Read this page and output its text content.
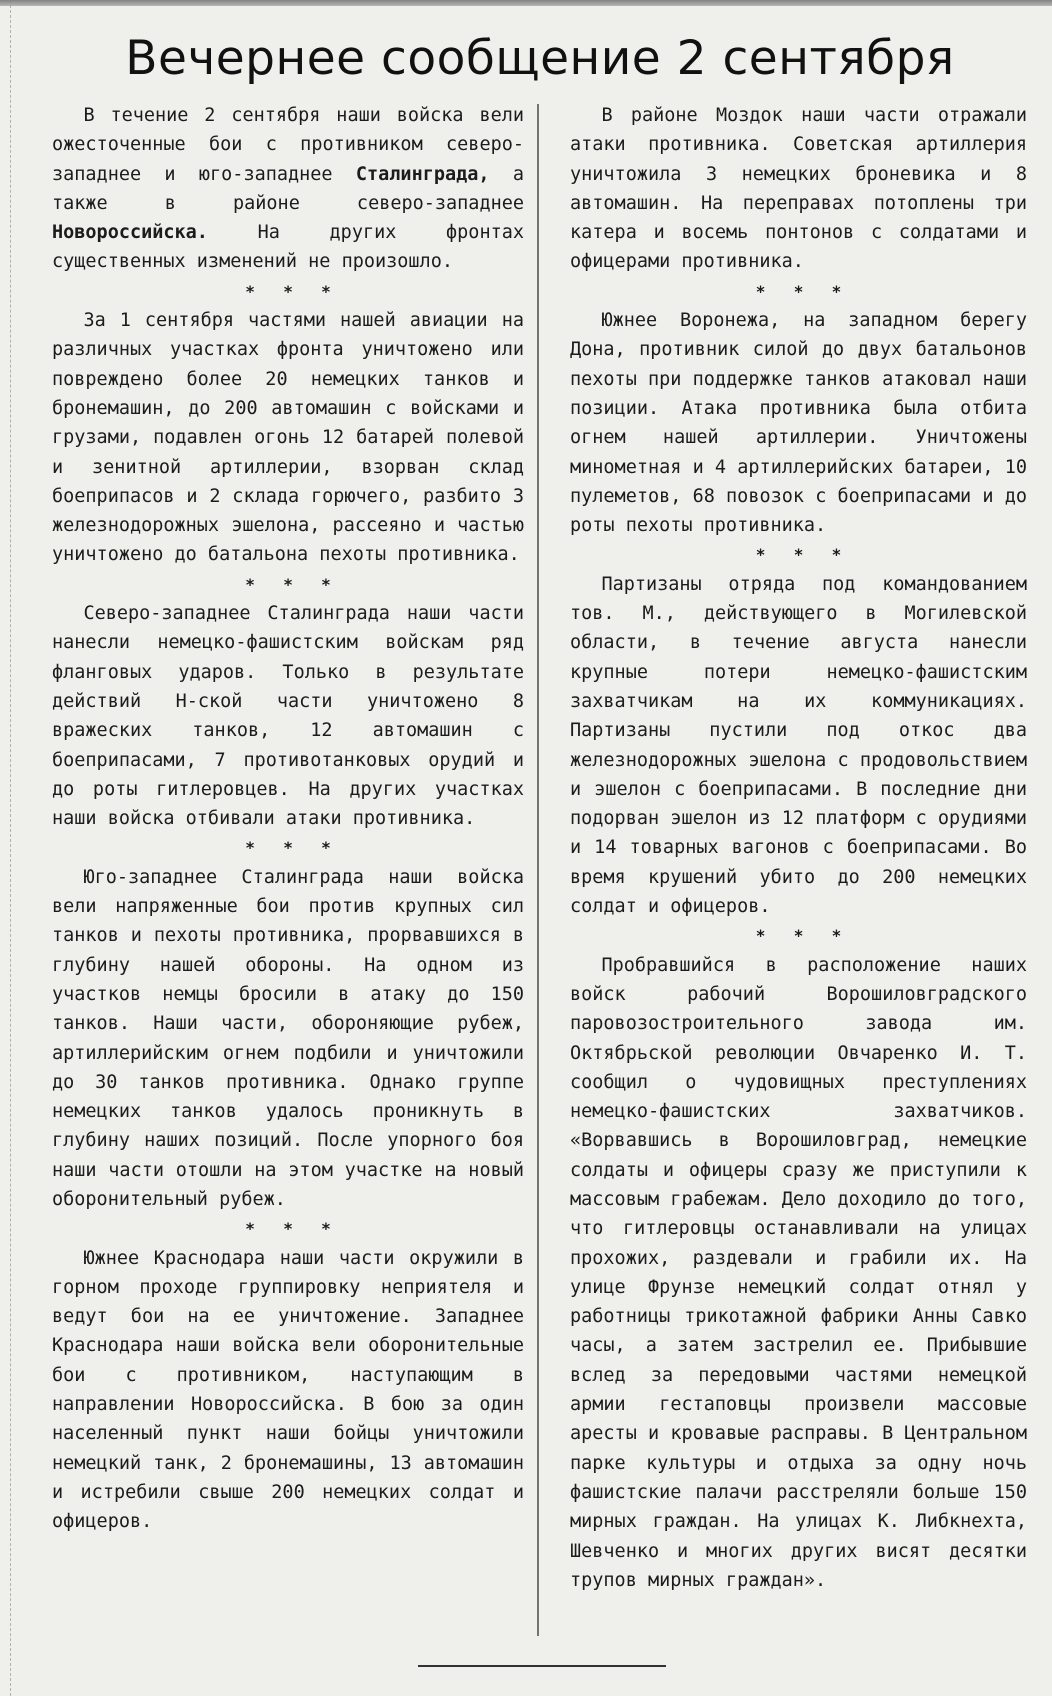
Вечернее сообщение 2 сентября

В течение 2 сентября наши войска вели ожесточенные бои с противником северо-западнее и юго-западнее Сталинграда, а также в районе северо-западнее Новороссийска. На других фронтах существенных изменений не произошло.

* * *

За 1 сентября частями нашей авиации на различных участках фронта уничтожено или повреждено более 20 немецких танков и бронемашин, до 200 автомашин с войсками и грузами, подавлен огонь 12 батарей полевой и зенитной артиллерии, взорван склад боеприпасов и 2 склада горючего, разбито 3 железнодорожных эшелона, рассеяно и частью уничтожено до батальона пехоты противника.

* * *

Северо-западнее Сталинграда наши части нанесли немецко-фашистским войскам ряд фланговых ударов. Только в результате действий Н-ской части уничтожено 8 вражеских танков, 12 автомашин с боеприпасами, 7 противотанковых орудий и до роты гитлеровцев. На других участках наши войска отбивали атаки противника.

* * *

Юго-западнее Сталинграда наши войска вели напряженные бои против крупных сил танков и пехоты противника, прорвавшихся в глубину нашей обороны. На одном из участков немцы бросили в атаку до 150 танков. Наши части, обороняющие рубеж, артиллерийским огнем подбили и уничтожили до 30 танков противника. Однако группе немецких танков удалось проникнуть в глубину наших позиций. После упорного боя наши части отошли на этом участке на новый оборонительный рубеж.

* * *

Южнее Краснодара наши части окружили в горном проходе группировку неприятеля и ведут бои на ее уничтожение. Западнее Краснодара наши войска вели оборонительные бои с противником, наступающим в направлении Новороссийска. В бою за один населенный пункт наши бойцы уничтожили немецкий танк, 2 бронемашины, 13 автомашин и истребили свыше 200 немецких солдат и офицеров.

В районе Моздок наши части отражали атаки противника. Советская артиллерия уничтожила 3 немецких броневика и 8 автомашин. На переправах потоплены три катера и восемь понтонов с солдатами и офицерами противника.

* * *

Южнее Воронежа, на западном берегу Дона, противник силой до двух батальонов пехоты при поддержке танков атаковал наши позиции. Атака противника была отбита огнем нашей артиллерии. Уничтожены минометная и 4 артиллерийских батареи, 10 пулеметов, 68 повозок с боеприпасами и до роты пехоты противника.

* * *

Партизаны отряда под командованием тов. М., действующего в Могилевской области, в течение августа нанесли крупные потери немецко-фашистским захватчикам на их коммуникациях. Партизаны пустили под откос два железнодорожных эшелона с продовольствием и эшелон с боеприпасами. В последние дни подорван эшелон из 12 платформ с орудиями и 14 товарных вагонов с боеприпасами. Во время крушений убито до 200 немецких солдат и офицеров.

* * *

Пробравшийся в расположение наших войск рабочий Ворошиловградского паровозостроительного завода им. Октябрьской революции Овчаренко И. Т. сообщил о чудовищных преступлениях немецко-фашистских захватчиков. «Ворвавшись в Ворошиловград, немецкие солдаты и офицеры сразу же приступили к массовым грабежам. Дело доходило до того, что гитлеровцы останавливали на улицах прохожих, раздевали и грабили их. На улице Фрунзе немецкий солдат отнял у работницы трикотажной фабрики Анны Савко часы, а затем застрелил ее. Прибывшие вслед за передовыми частями немецкой армии гестаповцы произвели массовые аресты и кровавые расправы. В Центральном парке культуры и отдыха за одну ночь фашистские палачи расстреляли больше 150 мирных граждан. На улицах К. Либкнехта, Шевченко и многих других висят десятки трупов мирных граждан».
